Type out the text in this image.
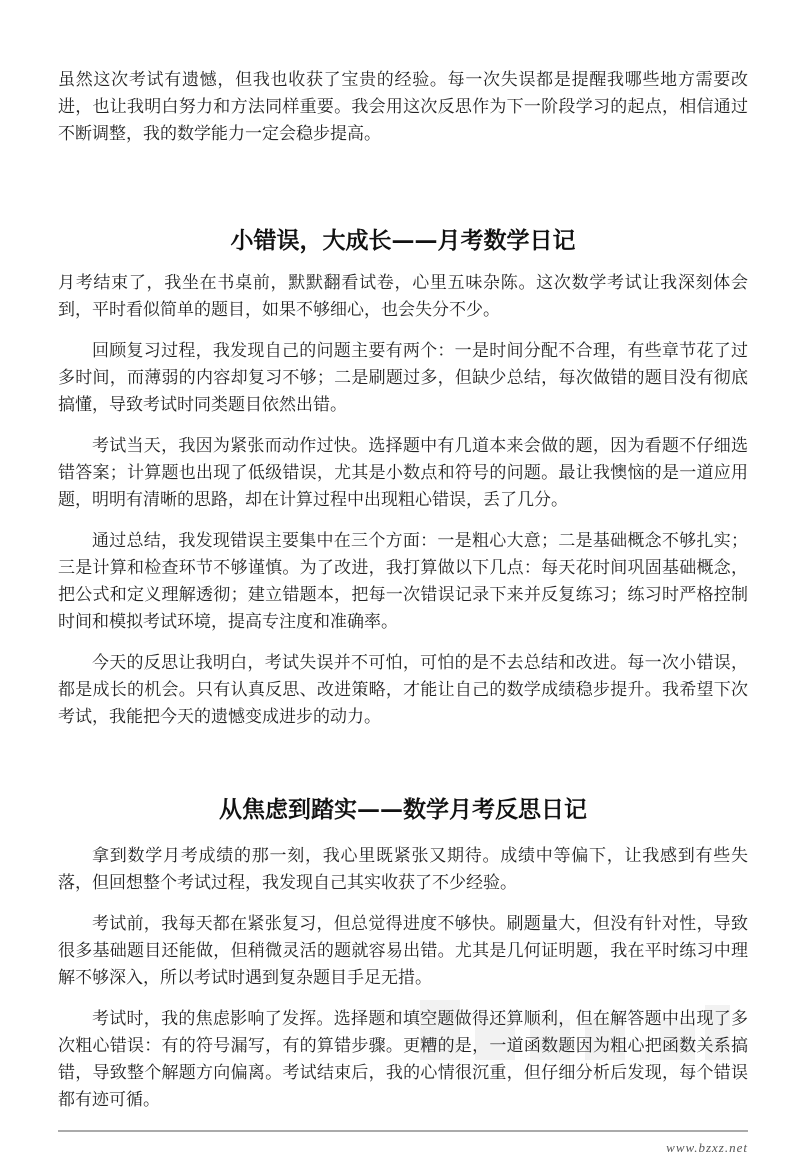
虽然这次考试有遗憾，但我也收获了宝贵的经验。每一次失误都是提醒我哪些地方需要改进，也让我明白努力和方法同样重要。我会用这次反思作为下一阶段学习的起点，相信通过不断调整，我的数学能力一定会稳步提高。

小错误，大成长——月考数学日记

月考结束了，我坐在书桌前，默默翻看试卷，心里五味杂陈。这次数学考试让我深刻体会到，平时看似简单的题目，如果不够细心，也会失分不少。

回顾复习过程，我发现自己的问题主要有两个：一是时间分配不合理，有些章节花了过多时间，而薄弱的内容却复习不够；二是刷题过多，但缺少总结，每次做错的题目没有彻底搞懂，导致考试时同类题目依然出错。

考试当天，我因为紧张而动作过快。选择题中有几道本来会做的题，因为看题不仔细选错答案；计算题也出现了低级错误，尤其是小数点和符号的问题。最让我懊恼的是一道应用题，明明有清晰的思路，却在计算过程中出现粗心错误，丢了几分。

通过总结，我发现错误主要集中在三个方面：一是粗心大意；二是基础概念不够扎实；三是计算和检查环节不够谨慎。为了改进，我打算做以下几点：每天花时间巩固基础概念，把公式和定义理解透彻；建立错题本，把每一次错误记录下来并反复练习；练习时严格控制时间和模拟考试环境，提高专注度和准确率。

今天的反思让我明白，考试失误并不可怕，可怕的是不去总结和改进。每一次小错误，都是成长的机会。只有认真反思、改进策略，才能让自己的数学成绩稳步提升。我希望下次考试，我能把今天的遗憾变成进步的动力。

从焦虑到踏实——数学月考反思日记

拿到数学月考成绩的那一刻，我心里既紧张又期待。成绩中等偏下，让我感到有些失落，但回想整个考试过程，我发现自己其实收获了不少经验。

考试前，我每天都在紧张复习，但总觉得进度不够快。刷题量大，但没有针对性，导致很多基础题目还能做，但稍微灵活的题就容易出错。尤其是几何证明题，我在平时练习中理解不够深入，所以考试时遇到复杂题目手足无措。

考试时，我的焦虑影响了发挥。选择题和填空题做得还算顺利，但在解答题中出现了多次粗心错误：有的符号漏写，有的算错步骤。更糟的是，一道函数题因为粗心把函数关系搞错，导致整个解题方向偏离。考试结束后，我的心情很沉重，但仔细分析后发现，每个错误都有迹可循。

www.bzxz.net
